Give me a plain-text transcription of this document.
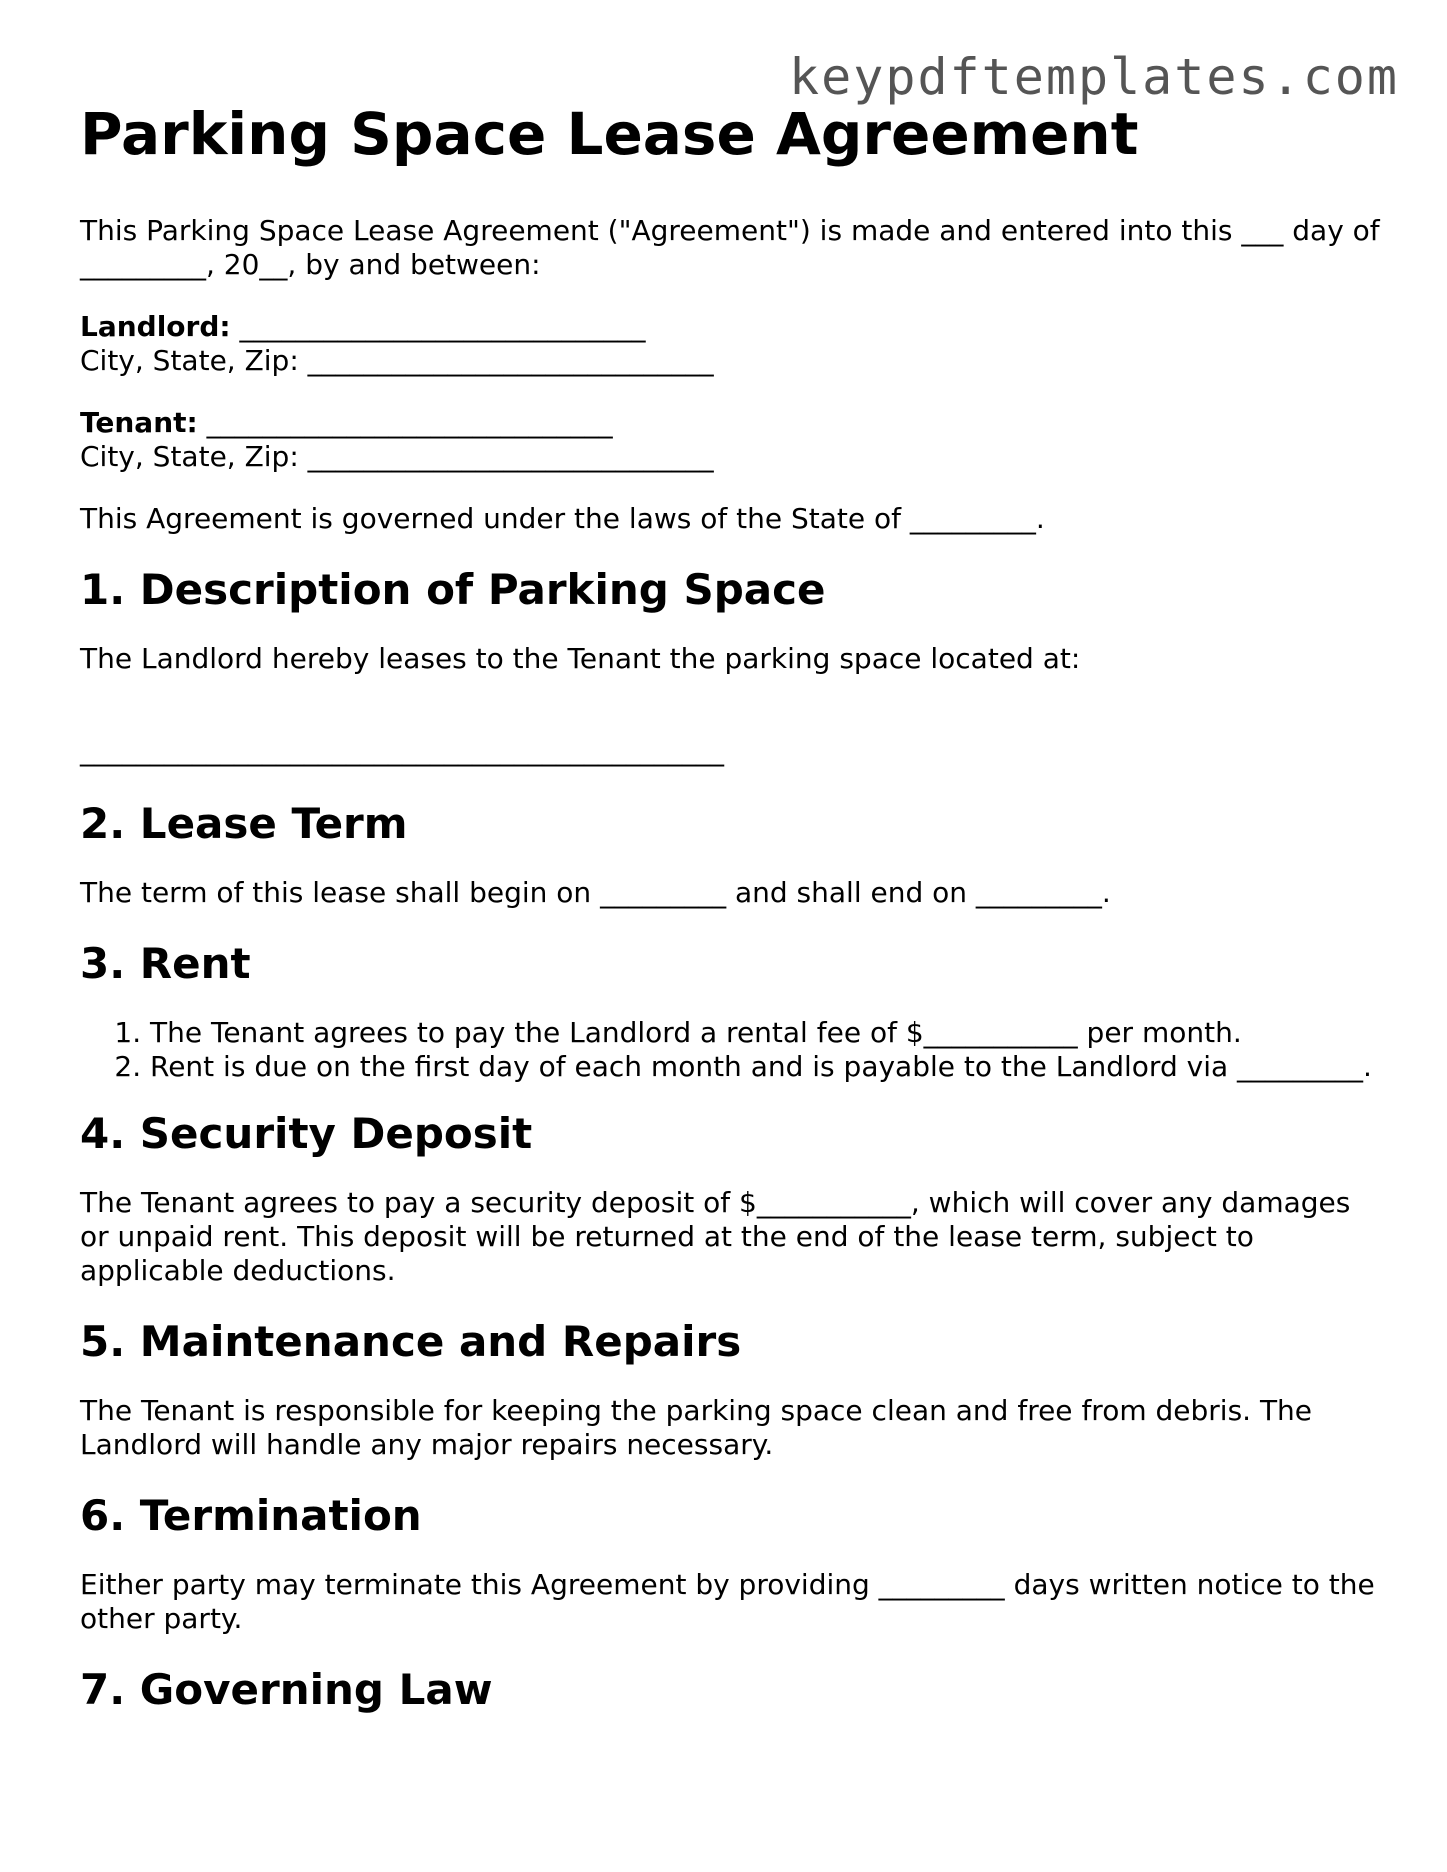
keypdftemplates.com
Parking Space Lease Agreement

This Parking Space Lease Agreement ("Agreement") is made and entered into this ___ day of _________, 20__, by and between:

Landlord: _____________________________
City, State, Zip: _____________________________
Tenant: _____________________________
City, State, Zip: _____________________________

This Agreement is governed under the laws of the State of _________.

1. Description of Parking Space

The Landlord hereby leases to the Tenant the parking space located at:

______________________________________________
2. Lease Term

The term of this lease shall begin on _________ and shall end on _________.

3. Rent
1. The Tenant agrees to pay the Landlord a rental fee of $___________ per month.
2. Rent is due on the first day of each month and is payable to the Landlord via _________.
4. Security Deposit

The Tenant agrees to pay a security deposit of $___________, which will cover any damages or unpaid rent. This deposit will be returned at the end of the lease term, subject to applicable deductions.

5. Maintenance and Repairs

The Tenant is responsible for keeping the parking space clean and free from debris. The Landlord will handle any major repairs necessary.

6. Termination

Either party may terminate this Agreement by providing _________ days written notice to the other party.

7. Governing Law
